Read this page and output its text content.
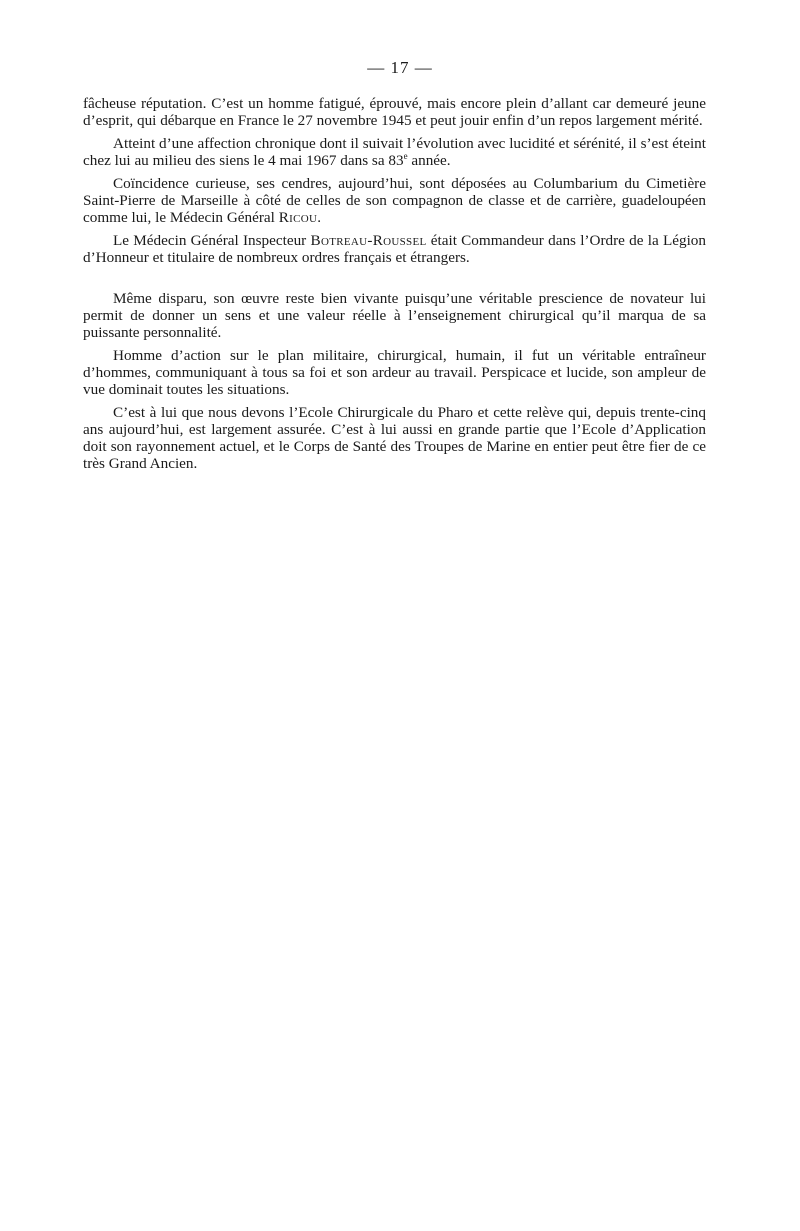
— 17 —

fâcheuse réputation. C’est un homme fatigué, éprouvé, mais encore plein d’allant car demeuré jeune d’esprit, qui débarque en France le 27 novembre 1945 et peut jouir enfin d’un repos largement mérité.

Atteint d’une affection chronique dont il suivait l’évolution avec lucidité et sérénité, il s’est éteint chez lui au milieu des siens le 4 mai 1967 dans sa 83e année.

Coïncidence curieuse, ses cendres, aujourd’hui, sont déposées au Columbarium du Cimetière Saint-Pierre de Marseille à côté de celles de son compagnon de classe et de carrière, guadeloupéen comme lui, le Médecin Général Ricou.

Le Médecin Général Inspecteur Botreau-Roussel était Commandeur dans l’Ordre de la Légion d’Honneur et titulaire de nombreux ordres français et étrangers.

Même disparu, son œuvre reste bien vivante puisqu’une véritable prescience de novateur lui permit de donner un sens et une valeur réelle à l’enseignement chirurgical qu’il marqua de sa puissante personnalité.

Homme d’action sur le plan militaire, chirurgical, humain, il fut un véritable entraîneur d’hommes, communiquant à tous sa foi et son ardeur au travail. Perspicace et lucide, son ampleur de vue dominait toutes les situations.

C’est à lui que nous devons l’Ecole Chirurgicale du Pharo et cette relève qui, depuis trente-cinq ans aujourd’hui, est largement assurée. C’est à lui aussi en grande partie que l’Ecole d’Application doit son rayonnement actuel, et le Corps de Santé des Troupes de Marine en entier peut être fier de ce très Grand Ancien.
